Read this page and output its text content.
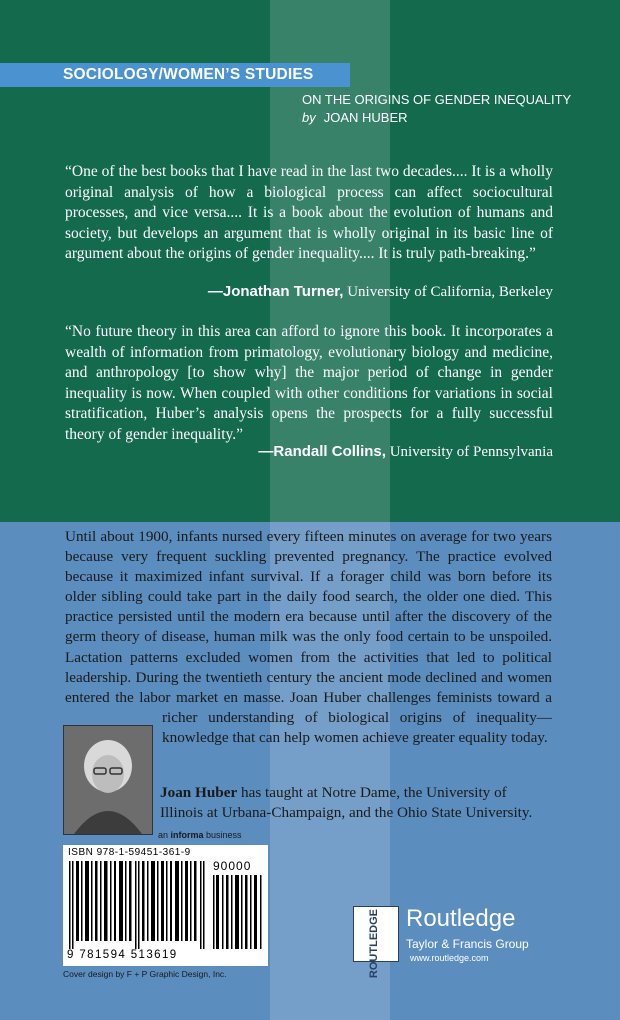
SOCIOLOGY/WOMEN’S STUDIES
ON THE ORIGINS OF GENDER INEQUALITY
by JOAN HUBER
“One of the best books that I have read in the last two decades.... It is a wholly original analysis of how a biological process can affect sociocultural processes, and vice versa.... It is a book about the evolution of humans and society, but develops an argument that is wholly original in its basic line of argument about the origins of gender inequality.... It is truly path-breaking.”
—Jonathan Turner, University of California, Berkeley
“No future theory in this area can afford to ignore this book. It incorporates a wealth of information from primatology, evolutionary biology and medicine, and anthropology [to show why] the major period of change in gender inequality is now. When coupled with other conditions for variations in social stratification, Huber’s analysis opens the prospects for a fully successful theory of gender inequality.”
—Randall Collins, University of Pennsylvania
Until about 1900, infants nursed every fifteen minutes on average for two years because very frequent suckling prevented pregnancy. The practice evolved because it maximized infant survival. If a forager child was born before its older sibling could take part in the daily food search, the older one died. This practice persisted until the modern era because until after the discovery of the germ theory of disease, human milk was the only food certain to be unspoiled. Lactation patterns excluded women from the activities that led to political leadership. During the twentieth century the ancient mode declined and women entered the labor market en masse. Joan Huber challenges feminists toward a richer understanding of biological origins of inequality—knowledge that can help women achieve greater equality today.
Joan Huber has taught at Notre Dame, the University of Illinois at Urbana-Champaign, and the Ohio State University.
an informa business
ISBN 978-1-59451-361-9
90000
9 781594 513619
Cover design by F + P Graphic Design, Inc.	ROUTLEDGE Routledge
Taylor & Francis Group
www.routledge.com
